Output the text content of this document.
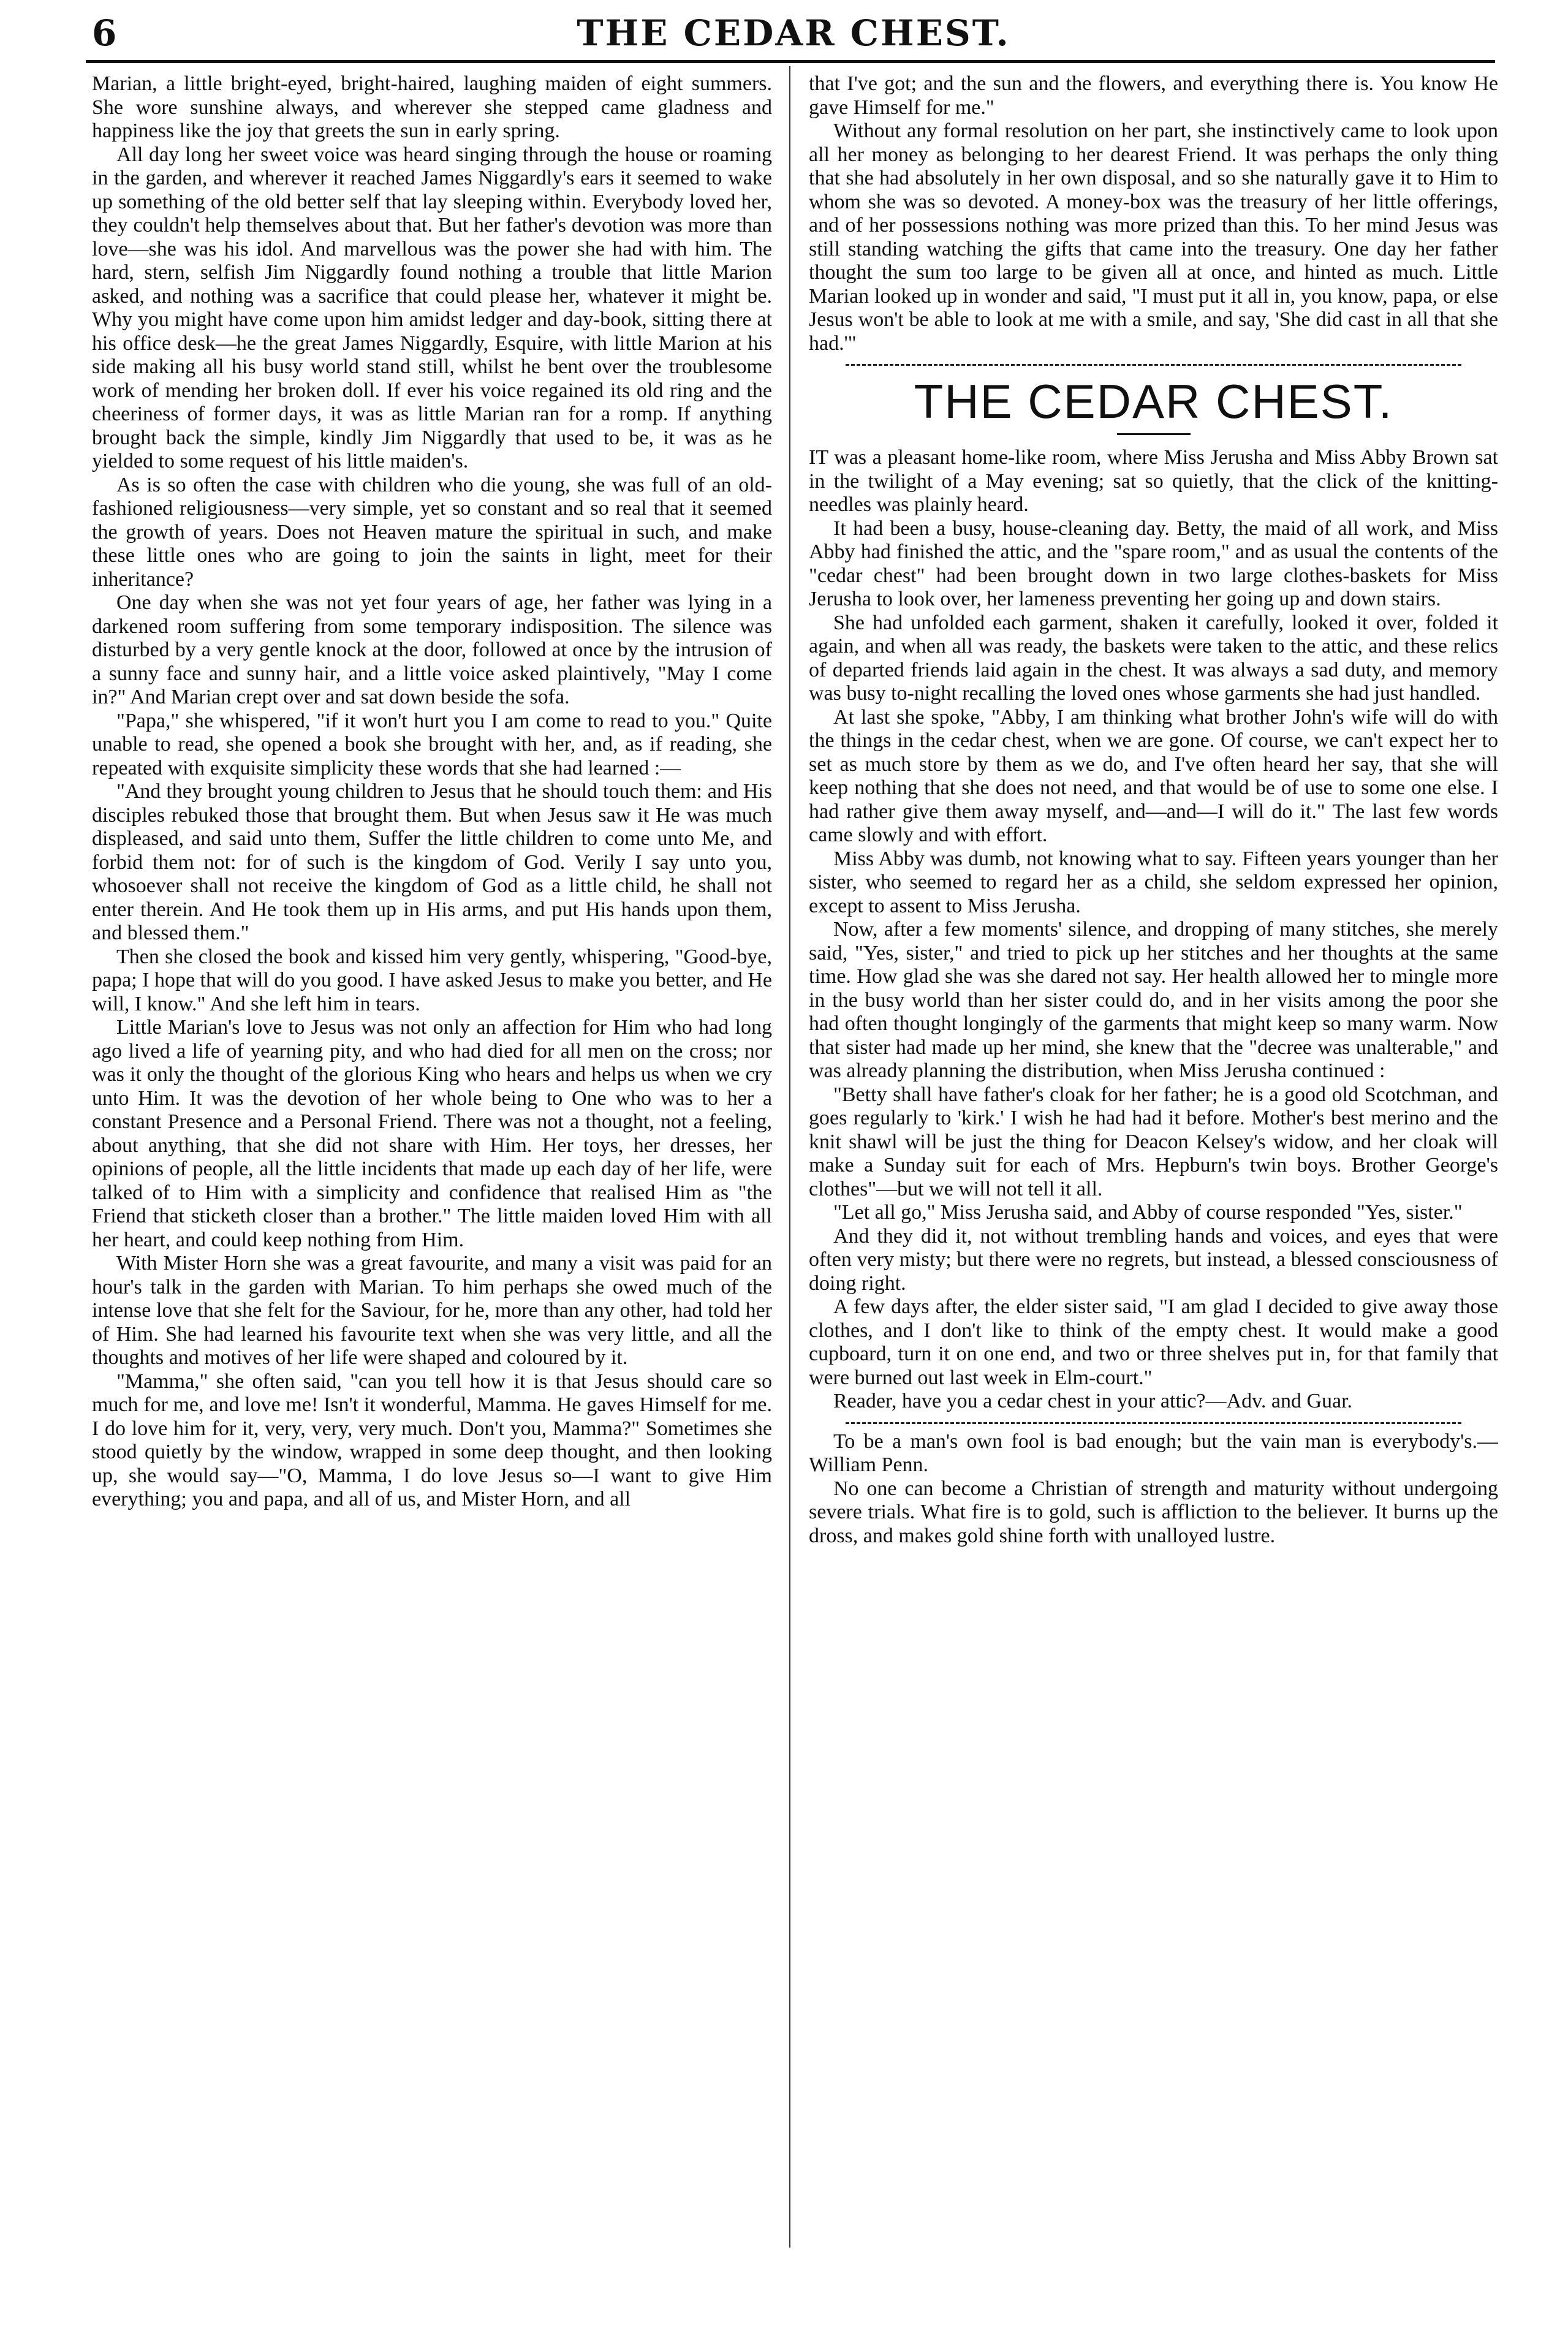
6	THE CEDAR CHEST.

Marian, a little bright-eyed, bright-haired, laughing maiden of eight summers. She wore sunshine always, and wherever she stepped came gladness and happiness like the joy that greets the sun in early spring.

All day long her sweet voice was heard singing through the house or roaming in the garden, and wherever it reached James Niggardly's ears it seemed to wake up something of the old better self that lay sleeping within. Everybody loved her, they couldn't help themselves about that. But her father's devotion was more than love—she was his idol. And marvellous was the power she had with him. The hard, stern, selfish Jim Niggardly found nothing a trouble that little Marion asked, and nothing was a sacrifice that could please her, whatever it might be. Why you might have come upon him amidst ledger and day-book, sitting there at his office desk—he the great James Niggardly, Esquire, with little Marion at his side making all his busy world stand still, whilst he bent over the troublesome work of mending her broken doll. If ever his voice regained its old ring and the cheeriness of former days, it was as little Marian ran for a romp. If anything brought back the simple, kindly Jim Niggardly that used to be, it was as he yielded to some request of his little maiden's.

As is so often the case with children who die young, she was full of an old-fashioned religiousness—very simple, yet so constant and so real that it seemed the growth of years. Does not Heaven mature the spiritual in such, and make these little ones who are going to join the saints in light, meet for their inheritance?

One day when she was not yet four years of age, her father was lying in a darkened room suffering from some temporary indisposition. The silence was disturbed by a very gentle knock at the door, followed at once by the intrusion of a sunny face and sunny hair, and a little voice asked plaintively, "May I come in?" And Marian crept over and sat down beside the sofa.

"Papa," she whispered, "if it won't hurt you I am come to read to you." Quite unable to read, she opened a book she brought with her, and, as if reading, she repeated with exquisite simplicity these words that she had learned :—

"And they brought young children to Jesus that he should touch them: and His disciples rebuked those that brought them. But when Jesus saw it He was much displeased, and said unto them, Suffer the little children to come unto Me, and forbid them not: for of such is the kingdom of God. Verily I say unto you, whosoever shall not receive the kingdom of God as a little child, he shall not enter therein. And He took them up in His arms, and put His hands upon them, and blessed them."

Then she closed the book and kissed him very gently, whispering, "Good-bye, papa; I hope that will do you good. I have asked Jesus to make you better, and He will, I know." And she left him in tears.

Little Marian's love to Jesus was not only an affection for Him who had long ago lived a life of yearning pity, and who had died for all men on the cross; nor was it only the thought of the glorious King who hears and helps us when we cry unto Him. It was the devotion of her whole being to One who was to her a constant Presence and a Personal Friend. There was not a thought, not a feeling, about anything, that she did not share with Him. Her toys, her dresses, her opinions of people, all the little incidents that made up each day of her life, were talked of to Him with a simplicity and confidence that realised Him as "the Friend that sticketh closer than a brother." The little maiden loved Him with all her heart, and could keep nothing from Him.

With Mister Horn she was a great favourite, and many a visit was paid for an hour's talk in the garden with Marian. To him perhaps she owed much of the intense love that she felt for the Saviour, for he, more than any other, had told her of Him. She had learned his favourite text when she was very little, and all the thoughts and motives of her life were shaped and coloured by it.

"Mamma," she often said, "can you tell how it is that Jesus should care so much for me, and love me! Isn't it wonderful, Mamma. He gaves Himself for me. I do love him for it, very, very, very much. Don't you, Mamma?" Sometimes she stood quietly by the window, wrapped in some deep thought, and then looking up, she would say—"O, Mamma, I do love Jesus so—I want to give Him everything; you and papa, and all of us, and Mister Horn, and all

that I've got; and the sun and the flowers, and everything there is. You know He gave Himself for me."

Without any formal resolution on her part, she instinctively came to look upon all her money as belonging to her dearest Friend. It was perhaps the only thing that she had absolutely in her own disposal, and so she naturally gave it to Him to whom she was so devoted. A money-box was the treasury of her little offerings, and of her possessions nothing was more prized than this. To her mind Jesus was still standing watching the gifts that came into the treasury. One day her father thought the sum too large to be given all at once, and hinted as much. Little Marian looked up in wonder and said, "I must put it all in, you know, papa, or else Jesus won't be able to look at me with a smile, and say, 'She did cast in all that she had.'"

THE CEDAR CHEST.

IT was a pleasant home-like room, where Miss Jerusha and Miss Abby Brown sat in the twilight of a May evening; sat so quietly, that the click of the knitting-needles was plainly heard.

It had been a busy, house-cleaning day. Betty, the maid of all work, and Miss Abby had finished the attic, and the "spare room," and as usual the contents of the "cedar chest" had been brought down in two large clothes-baskets for Miss Jerusha to look over, her lameness preventing her going up and down stairs.

She had unfolded each garment, shaken it carefully, looked it over, folded it again, and when all was ready, the baskets were taken to the attic, and these relics of departed friends laid again in the chest. It was always a sad duty, and memory was busy to-night recalling the loved ones whose garments she had just handled.

At last she spoke, "Abby, I am thinking what brother John's wife will do with the things in the cedar chest, when we are gone. Of course, we can't expect her to set as much store by them as we do, and I've often heard her say, that she will keep nothing that she does not need, and that would be of use to some one else. I had rather give them away myself, and—and—I will do it." The last few words came slowly and with effort.

Miss Abby was dumb, not knowing what to say. Fifteen years younger than her sister, who seemed to regard her as a child, she seldom expressed her opinion, except to assent to Miss Jerusha.

Now, after a few moments' silence, and dropping of many stitches, she merely said, "Yes, sister," and tried to pick up her stitches and her thoughts at the same time. How glad she was she dared not say. Her health allowed her to mingle more in the busy world than her sister could do, and in her visits among the poor she had often thought longingly of the garments that might keep so many warm. Now that sister had made up her mind, she knew that the "decree was unalterable," and was already planning the distribution, when Miss Jerusha continued :

"Betty shall have father's cloak for her father; he is a good old Scotchman, and goes regularly to 'kirk.' I wish he had had it before. Mother's best merino and the knit shawl will be just the thing for Deacon Kelsey's widow, and her cloak will make a Sunday suit for each of Mrs. Hepburn's twin boys. Brother George's clothes"—but we will not tell it all.

"Let all go," Miss Jerusha said, and Abby of course responded "Yes, sister."

And they did it, not without trembling hands and voices, and eyes that were often very misty; but there were no regrets, but instead, a blessed consciousness of doing right.

A few days after, the elder sister said, "I am glad I decided to give away those clothes, and I don't like to think of the empty chest. It would make a good cupboard, turn it on one end, and two or three shelves put in, for that family that were burned out last week in Elm-court."

Reader, have you a cedar chest in your attic?—Adv. and Guar.

To be a man's own fool is bad enough; but the vain man is everybody's.—William Penn.

No one can become a Christian of strength and maturity without undergoing severe trials. What fire is to gold, such is affliction to the believer. It burns up the dross, and makes gold shine forth with unalloyed lustre.
